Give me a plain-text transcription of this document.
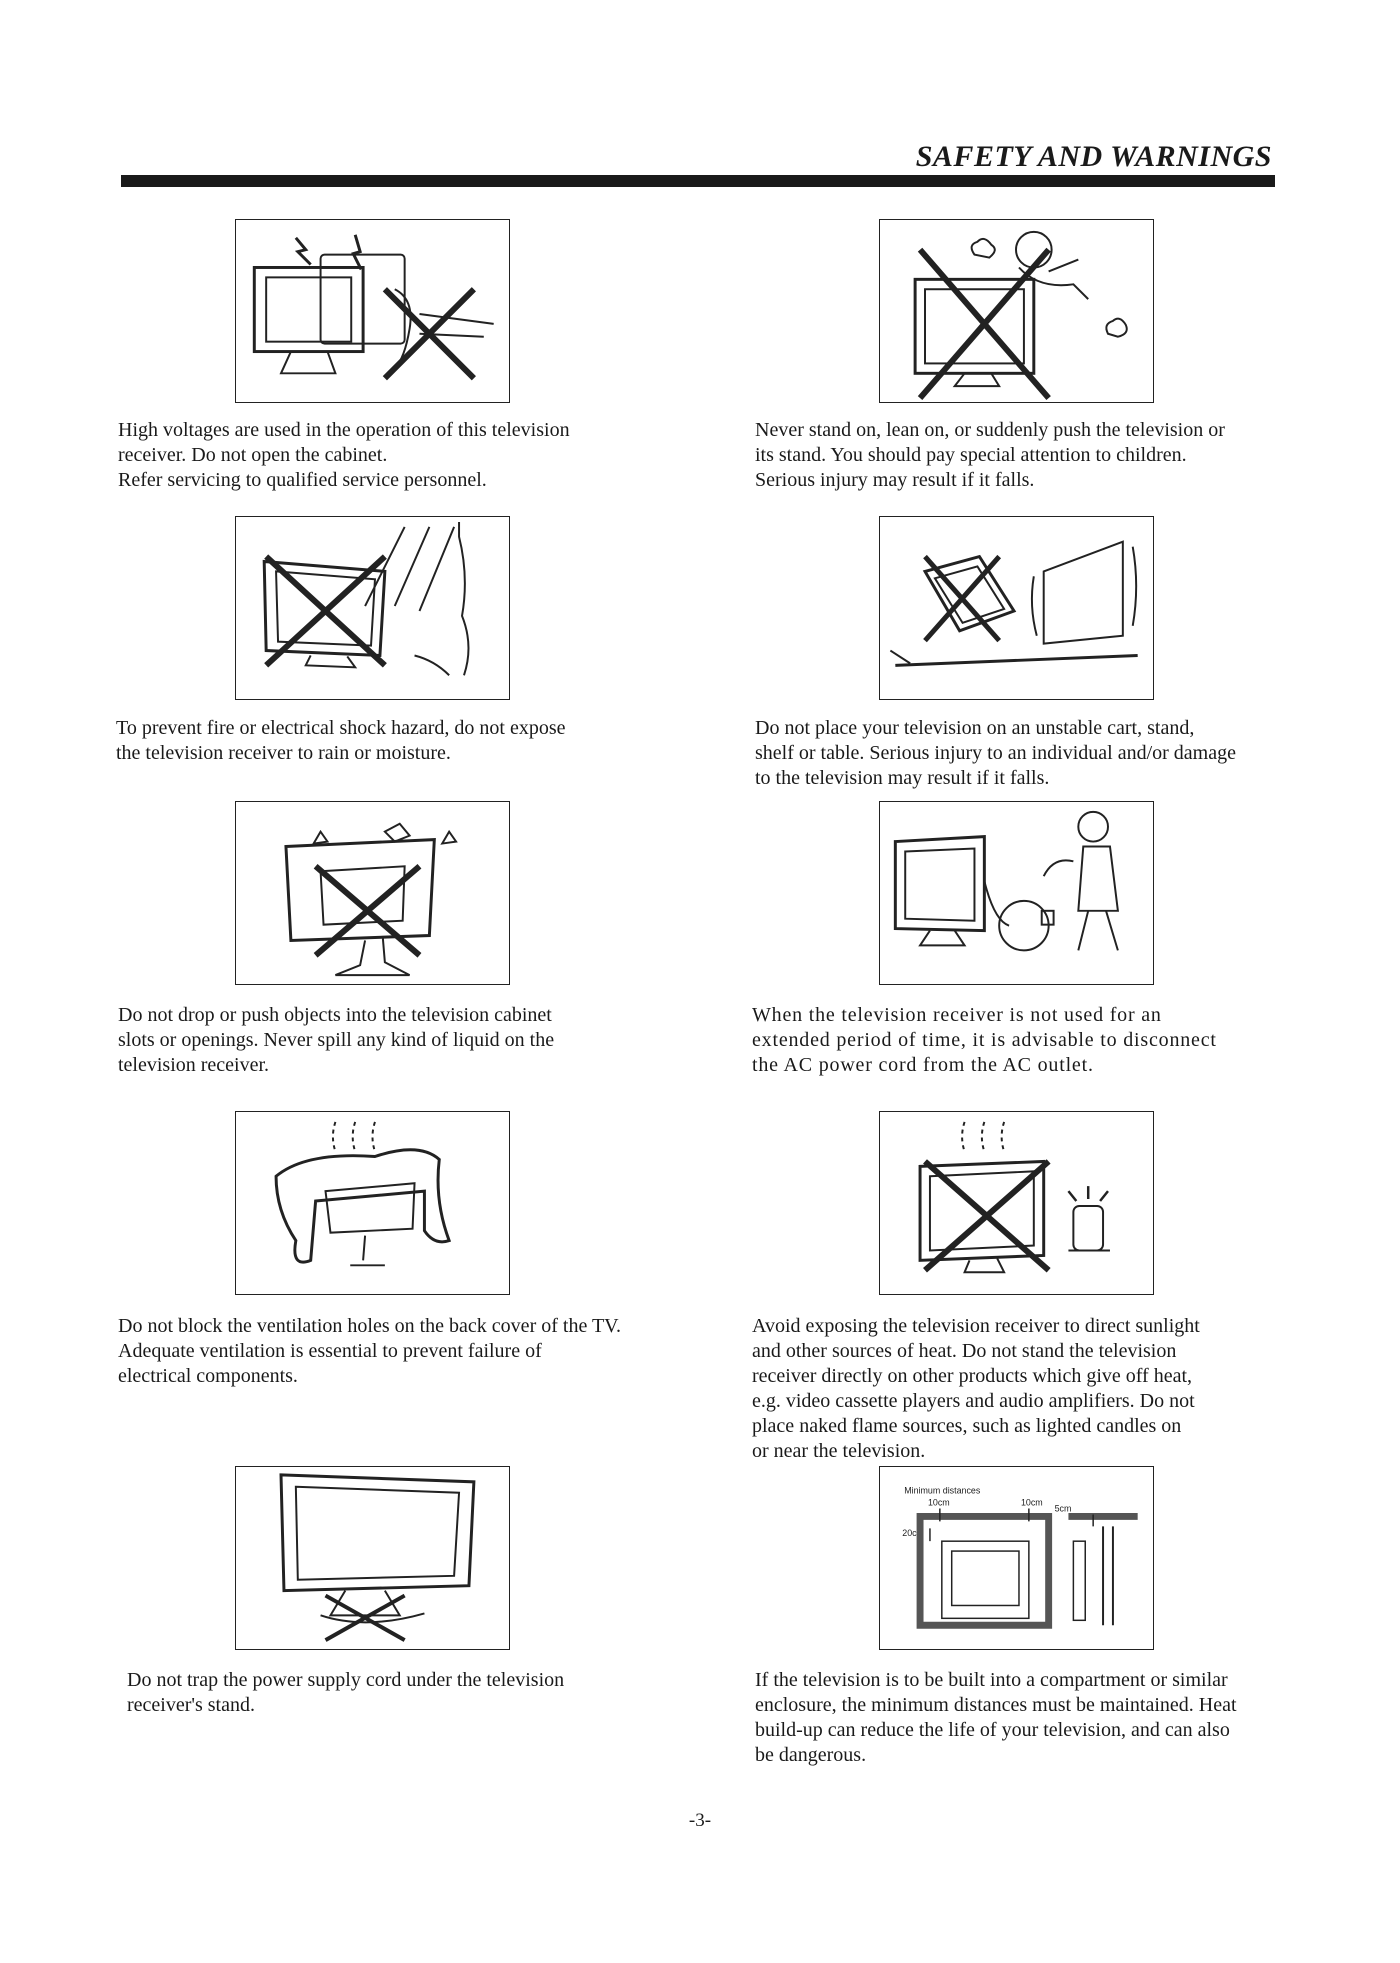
SAFETY AND WARNINGS
High voltages are used in the operation of this television
receiver. Do not open the cabinet.
Refer servicing to qualified service personnel.
Never stand on, lean on, or suddenly push the television or
its stand. You should pay special attention to children.
Serious injury may result if it falls.
To prevent fire or electrical shock hazard, do not expose
the television receiver to rain or moisture.
Do not place your television on an unstable cart, stand,
shelf or table. Serious injury to an individual and/or damage
to the television may result if it falls.
Do not drop or push objects into the television cabinet
slots or openings. Never spill any kind of liquid on the
television receiver.
When the television receiver is not used for an
extended period of time, it is advisable to disconnect
the AC power cord from the AC outlet.
Do not block the ventilation holes on the back cover of the TV.
Adequate ventilation is essential to prevent failure of
electrical components.
Avoid exposing the television receiver to direct sunlight
and other sources of heat. Do not stand the television
receiver directly on other products which give off heat,
e.g. video cassette players and audio amplifiers. Do not
place naked flame sources, such as lighted candles on
or near the television.
Do not trap the power supply cord under the television
receiver's stand.
Minimum distances
10cm	10cm
5cm
20cm
If the television is to be built into a compartment or similar
enclosure, the minimum distances must be maintained. Heat
build-up can reduce the life of your television, and can also
be dangerous.
-3-
